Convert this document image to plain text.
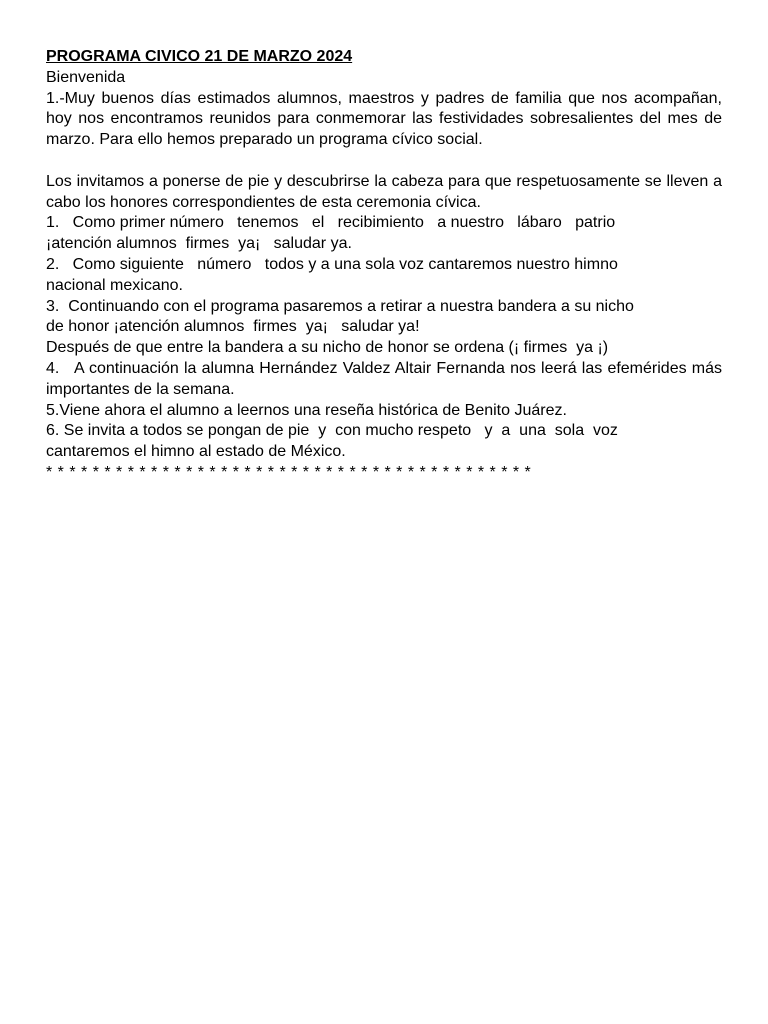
PROGRAMA CIVICO 21 DE MARZO 2024
Bienvenida
1.-Muy buenos días estimados alumnos, maestros y padres de familia que nos acompañan, hoy nos encontramos reunidos para conmemorar las festividades sobresalientes del mes de marzo. Para ello hemos preparado un programa cívico social.
Los invitamos a ponerse de pie y descubrirse la cabeza para que respetuosamente se lleven a cabo los honores correspondientes de esta ceremonia cívica.
1.   Como primer número   tenemos   el   recibimiento   a nuestro   lábaro   patrio
¡atención alumnos  firmes  ya¡   saludar ya.
2.   Como siguiente   número   todos y a una sola voz cantaremos nuestro himno
nacional mexicano.
3.  Continuando con el programa pasaremos a retirar a nuestra bandera a su nicho
de honor ¡atención alumnos  firmes  ya¡   saludar ya!
Después de que entre la bandera a su nicho de honor se ordena (¡ firmes  ya ¡)
4.   A continuación la alumna Hernández Valdez Altair Fernanda nos leerá las efemérides más importantes de la semana.
5.Viene ahora el alumno a leernos una reseña histórica de Benito Juárez.
6. Se invita a todos se pongan de pie  y  con mucho respeto   y  a  una  sola  voz
cantaremos el himno al estado de México.
* * * * * * * * * * * * * * * * * * * * * * * * * * * * * * * * * * * * * * * * * *
